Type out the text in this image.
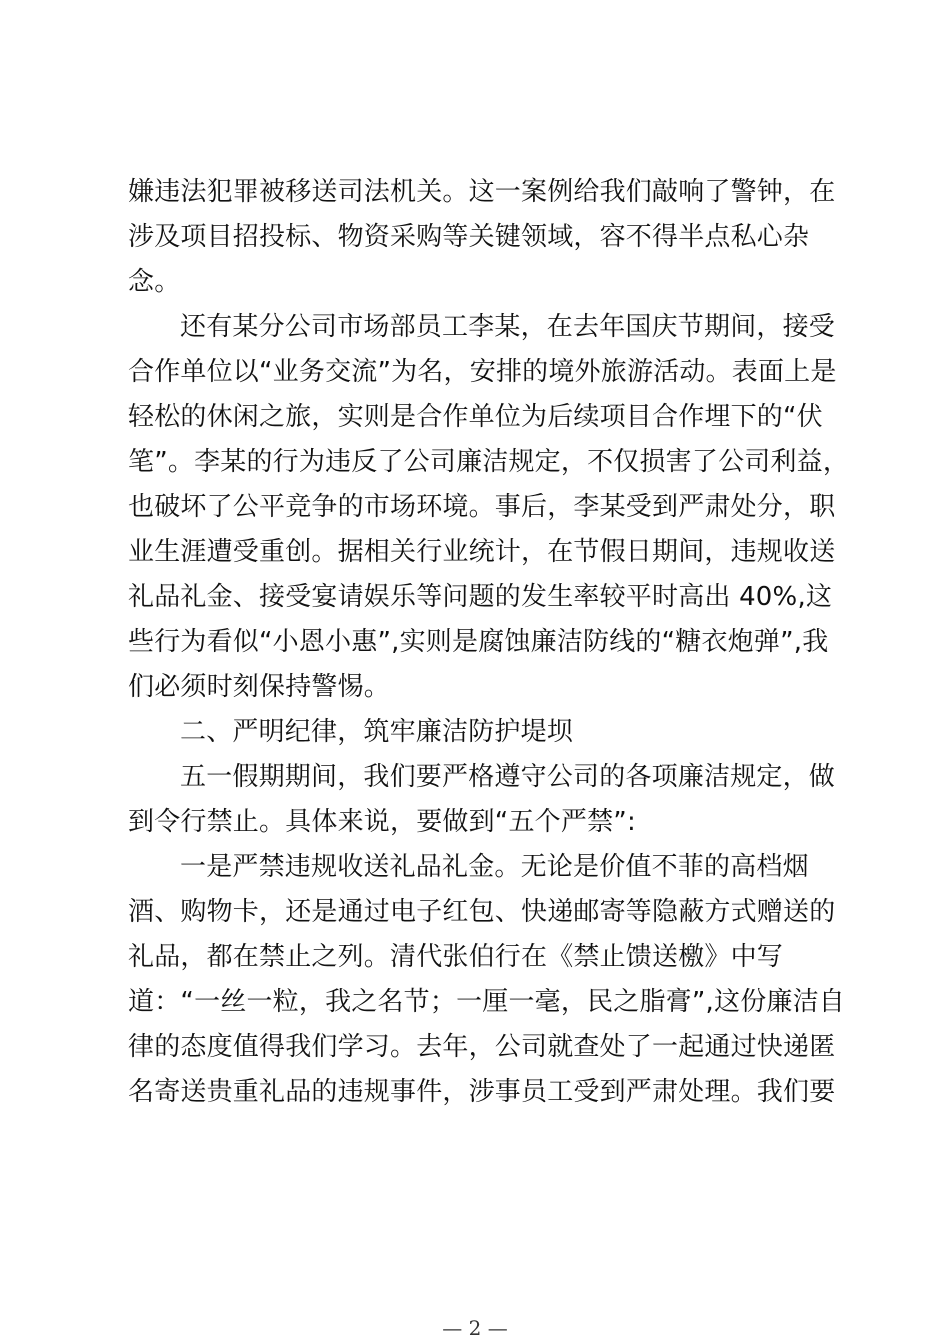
嫌违法犯罪被移送司法机关。这一案例给我们敲响了警钟，在
涉及项目招投标、物资采购等关键领域，容不得半点私心杂
念。
还有某分公司市场部员工李某，在去年国庆节期间，接受
合作单位以“业务交流”为名，安排的境外旅游活动。表面上是
轻松的休闲之旅，实则是合作单位为后续项目合作埋下的“伏
笔”。李某的行为违反了公司廉洁规定，不仅损害了公司利益，
也破坏了公平竞争的市场环境。事后，李某受到严肃处分，职
业生涯遭受重创。据相关行业统计，在节假日期间，违规收送
礼品礼金、接受宴请娱乐等问题的发生率较平时高出 40%,这
些行为看似“小恩小惠”,实则是腐蚀廉洁防线的“糖衣炮弹”,我
们必须时刻保持警惕。
二、严明纪律，筑牢廉洁防护堤坝
五一假期期间，我们要严格遵守公司的各项廉洁规定，做
到令行禁止。具体来说，要做到“五个严禁”:
一是严禁违规收送礼品礼金。无论是价值不菲的高档烟
酒、购物卡，还是通过电子红包、快递邮寄等隐蔽方式赠送的
礼品，都在禁止之列。清代张伯行在《禁止馈送檄》中写
道：“一丝一粒，我之名节；一厘一毫，民之脂膏”,这份廉洁自
律的态度值得我们学习。去年，公司就查处了一起通过快递匿
名寄送贵重礼品的违规事件，涉事员工受到严肃处理。我们要
— 2 —
